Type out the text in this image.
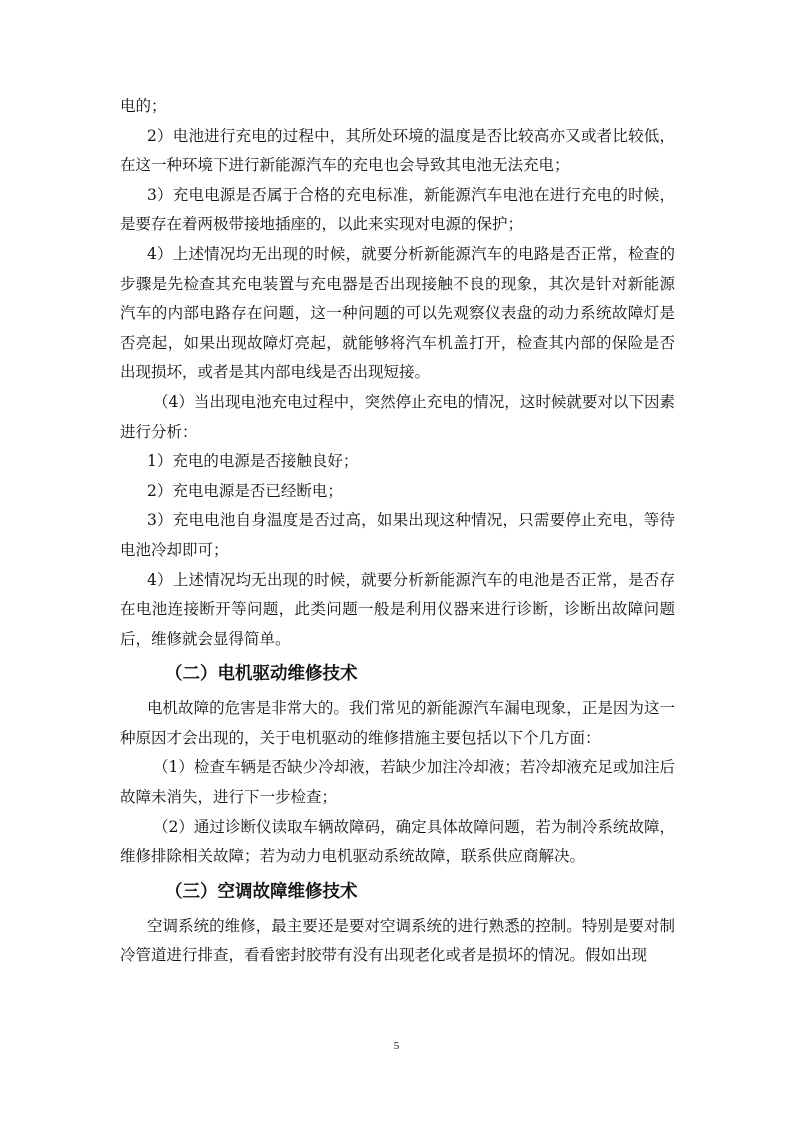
电的；

2）电池进行充电的过程中，其所处环境的温度是否比较高亦又或者比较低，在这一种环境下进行新能源汽车的充电也会导致其电池无法充电；

3）充电电源是否属于合格的充电标准，新能源汽车电池在进行充电的时候，是要存在着两极带接地插座的，以此来实现对电源的保护；

4）上述情况均无出现的时候，就要分析新能源汽车的电路是否正常，检查的步骤是先检查其充电装置与充电器是否出现接触不良的现象，其次是针对新能源汽车的内部电路存在问题，这一种问题的可以先观察仪表盘的动力系统故障灯是否亮起，如果出现故障灯亮起，就能够将汽车机盖打开，检查其内部的保险是否出现损坏，或者是其内部电线是否出现短接。

（4）当出现电池充电过程中，突然停止充电的情况，这时候就要对以下因素进行分析：

1）充电的电源是否接触良好；

2）充电电源是否已经断电；

3）充电电池自身温度是否过高，如果出现这种情况，只需要停止充电，等待电池冷却即可；

4）上述情况均无出现的时候，就要分析新能源汽车的电池是否正常，是否存在电池连接断开等问题，此类问题一般是利用仪器来进行诊断，诊断出故障问题后，维修就会显得简单。

（二）电机驱动维修技术

电机故障的危害是非常大的。我们常见的新能源汽车漏电现象，正是因为这一种原因才会出现的，关于电机驱动的维修措施主要包括以下个几方面：

（1）检查车辆是否缺少冷却液，若缺少加注冷却液；若冷却液充足或加注后故障未消失，进行下一步检查；

（2）通过诊断仪读取车辆故障码，确定具体故障问题，若为制冷系统故障，维修排除相关故障；若为动力电机驱动系统故障，联系供应商解决。

（三）空调故障维修技术

空调系统的维修，最主要还是要对空调系统的进行熟悉的控制。特别是要对制冷管道进行排查，看看密封胶带有没有出现老化或者是损坏的情况。假如出现

5
